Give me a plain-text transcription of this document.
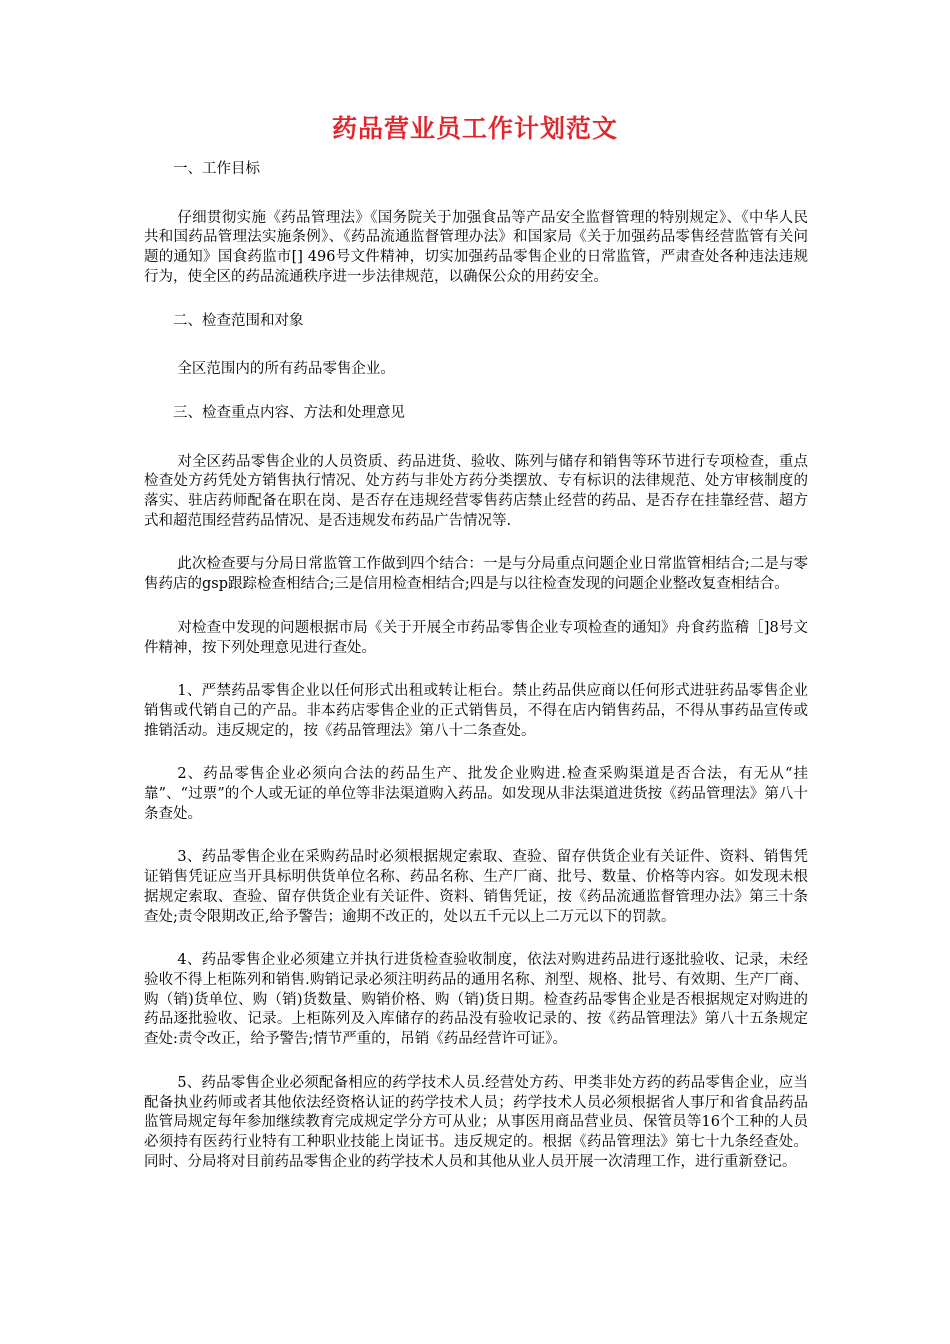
药品营业员工作计划范文

一、工作目标

仔细贯彻实施《药品管理法》《国务院关于加强食品等产品安全监督管理的特别规定》、《中华人民共和国药品管理法实施条例》、《药品流通监督管理办法》和国家局《关于加强药品零售经营监管有关问题的通知》国食药监市[] 496号文件精神，切实加强药品零售企业的日常监管，严肃查处各种违法违规行为，使全区的药品流通秩序进一步法律规范，以确保公众的用药安全。

二、检查范围和对象

全区范围内的所有药品零售企业。

三、检查重点内容、方法和处理意见

对全区药品零售企业的人员资质、药品进货、验收、陈列与储存和销售等环节进行专项检查，重点检查处方药凭处方销售执行情况、处方药与非处方药分类摆放、专有标识的法律规范、处方审核制度的落实、驻店药师配备在职在岗、是否存在违规经营零售药店禁止经营的药品、是否存在挂靠经营、超方式和超范围经营药品情况、是否违规发布药品广告情况等.

此次检查要与分局日常监管工作做到四个结合：一是与分局重点问题企业日常监管相结合;二是与零售药店的gsp跟踪检查相结合;三是信用检查相结合;四是与以往检查发现的问题企业整改复查相结合。

对检查中发现的问题根据市局《关于开展全市药品零售企业专项检查的通知》舟食药监稽［]8号文件精神，按下列处理意见进行查处。

1、严禁药品零售企业以任何形式出租或转让柜台。禁止药品供应商以任何形式进驻药品零售企业销售或代销自己的产品。非本药店零售企业的正式销售员，不得在店内销售药品，不得从事药品宣传或推销活动。违反规定的，按《药品管理法》第八十二条查处。

2、药品零售企业必须向合法的药品生产、批发企业购进.检查采购渠道是否合法，有无从“挂靠”、“过票”的个人或无证的单位等非法渠道购入药品。如发现从非法渠道进货按《药品管理法》第八十条查处。

3、药品零售企业在采购药品时必须根据规定索取、查验、留存供货企业有关证件、资料、销售凭证销售凭证应当开具标明供货单位名称、药品名称、生产厂商、批号、数量、价格等内容。如发现未根据规定索取、查验、留存供货企业有关证件、资料、销售凭证，按《药品流通监督管理办法》第三十条查处;责令限期改正,给予警告；逾期不改正的，处以五千元以上二万元以下的罚款。

4、药品零售企业必须建立并执行进货检查验收制度，依法对购进药品进行逐批验收、记录，未经验收不得上柜陈列和销售.购销记录必须注明药品的通用名称、剂型、规格、批号、有效期、生产厂商、购（销)货单位、购（销)货数量、购销价格、购（销)货日期。检查药品零售企业是否根据规定对购进的药品逐批验收、记录。上柜陈列及入库储存的药品没有验收记录的、按《药品管理法》第八十五条规定查处:责令改正，给予警告;情节严重的，吊销《药品经营许可证》。

5、药品零售企业必须配备相应的药学技术人员.经营处方药、甲类非处方药的药品零售企业，应当配备执业药师或者其他依法经资格认证的药学技术人员；药学技术人员必须根据省人事厅和省食品药品监管局规定每年参加继续教育完成规定学分方可从业；从事医用商品营业员、保管员等16个工种的人员必须持有医药行业特有工种职业技能上岗证书。违反规定的。根据《药品管理法》第七十九条经查处。同时、分局将对目前药品零售企业的药学技术人员和其他从业人员开展一次清理工作，进行重新登记。
